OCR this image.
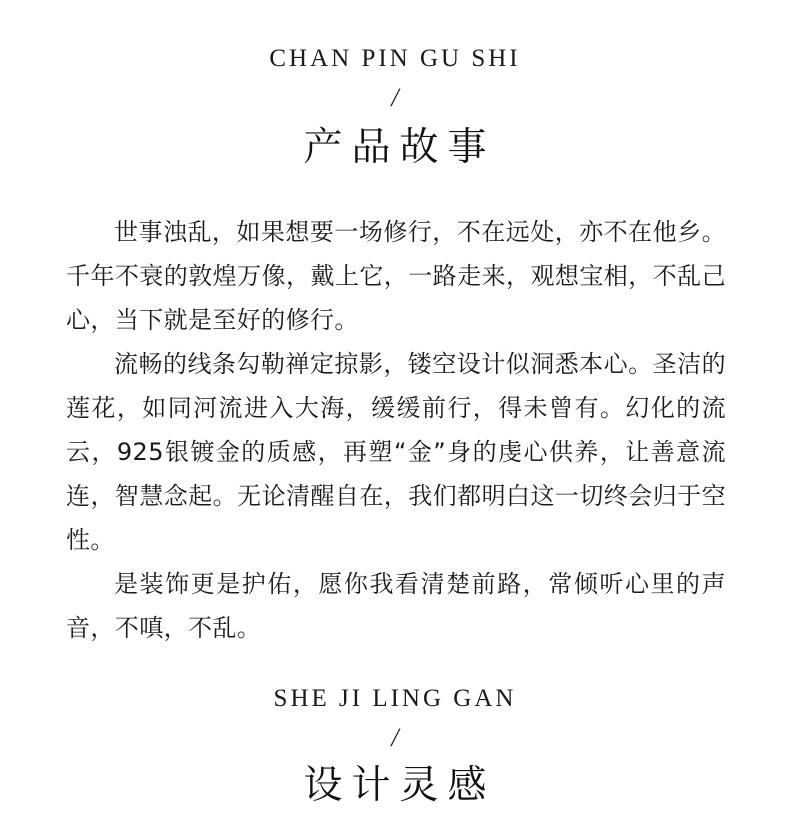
CHAN PIN GU SHI
/
产品故事

世事浊乱，如果想要一场修行，不在远处，亦不在他乡。千年不衰的敦煌万像，戴上它，一路走来，观想宝相，不乱己心，当下就是至好的修行。

流畅的线条勾勒禅定掠影，镂空设计似洞悉本心。圣洁的莲花，如同河流进入大海，缓缓前行，得未曾有。幻化的流云，925银镀金的质感，再塑“金”身的虔心供养，让善意流连，智慧念起。无论清醒自在，我们都明白这一切终会归于空性。

是装饰更是护佑，愿你我看清楚前路，常倾听心里的声音，不嗔，不乱。

SHE JI LING GAN
/
设计灵感
